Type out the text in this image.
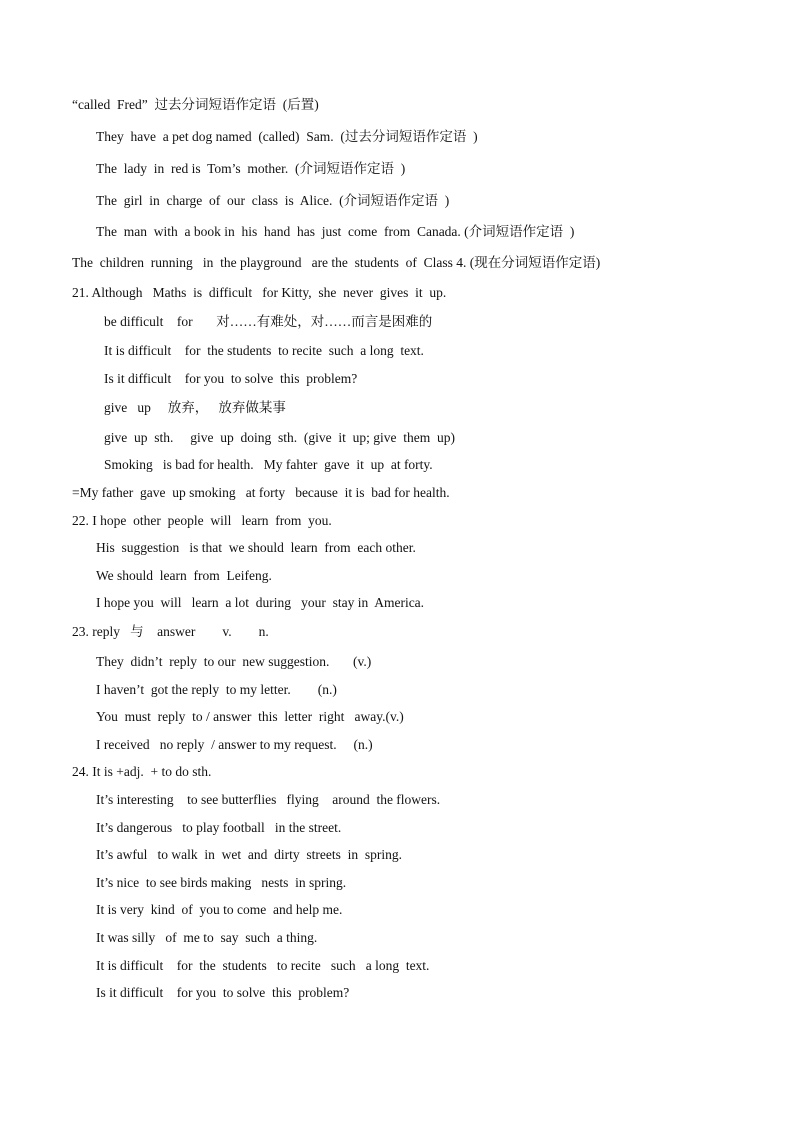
“called  Fred”  过去分词短语作定语  (后置)
They  have  a pet dog named  (called)  Sam.  (过去分词短语作定语  )
The  lady  in  red is  Tom’s  mother.  (介词短语作定语  )
The  girl  in  charge  of  our  class  is  Alice.  (介词短语作定语  )
The  man  with  a book in  his  hand  has  just  come  from  Canada. (介词短语作定语  )
The  children  running   in  the playground   are the  students  of  Class 4. (现在分词短语作定语)
21. Although   Maths  is  difficult   for Kitty,  she  never  gives  it  up.
be difficult    for       对……有难处，对……而言是困难的
It is difficult    for  the students  to recite  such  a long  text.
Is it difficult    for you  to solve  this  problem?
give   up     放弃，   放弃做某事
give  up  sth.     give  up  doing  sth.  (give  it  up; give  them  up)
Smoking   is bad for health.   My fahter  gave  it  up  at forty.
=My father  gave  up smoking   at forty   because  it is  bad for health.
22. I hope  other  people  will   learn  from  you.
His  suggestion   is that  we should  learn  from  each other.
We should  learn  from  Leifeng.
I hope you  will   learn  a lot  during   your  stay in  America.
23. reply   与    answer        v.        n.
They  didn’t  reply  to our  new suggestion.       (v.)
I haven’t  got the reply  to my letter.        (n.)
You  must  reply  to / answer  this  letter  right   away.(v.)
I received   no reply  / answer to my request.     (n.)
24. It is +adj.  + to do sth.
It’s interesting    to see butterflies   flying    around  the flowers.
It’s dangerous   to play football   in the street.
It’s awful   to walk  in  wet  and  dirty  streets  in  spring.
It’s nice  to see birds making   nests  in spring.
It is very  kind  of  you to come  and help me.
It was silly   of  me to  say  such  a thing.
It is difficult    for  the  students   to recite   such   a long  text.
Is it difficult    for you  to solve  this  problem?
